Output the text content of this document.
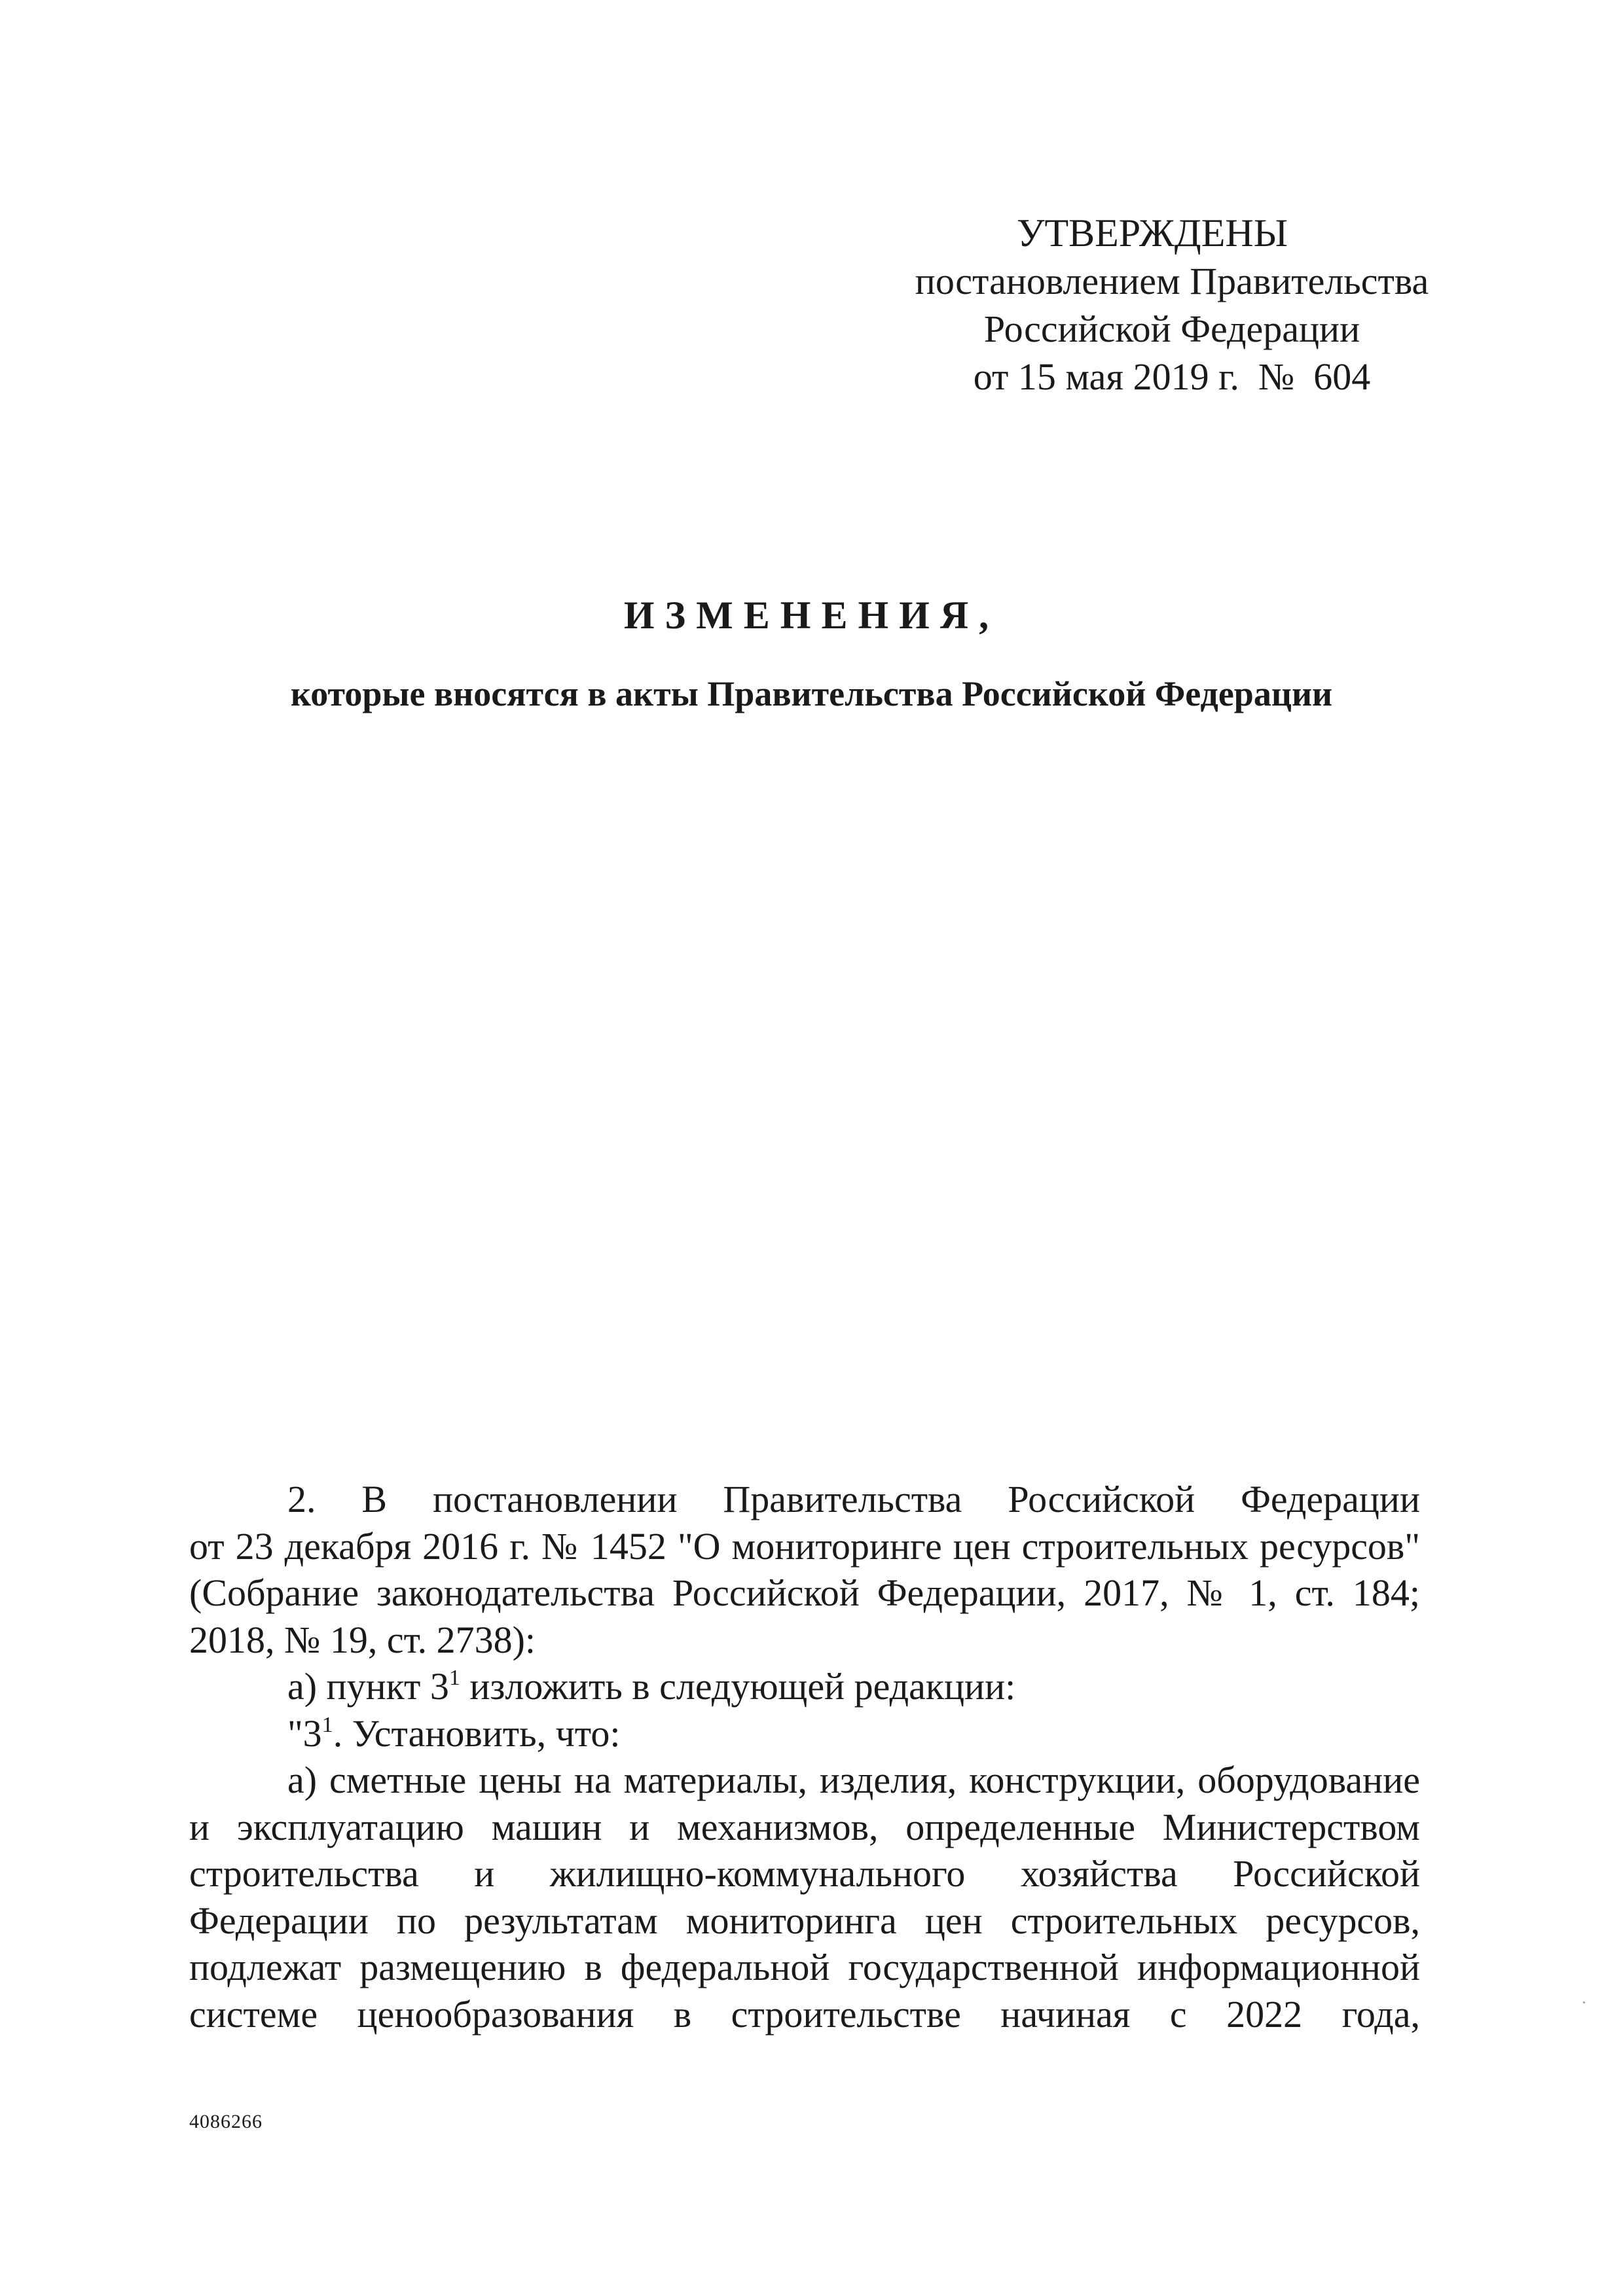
УТВЕРЖДЕНЫ
постановлением Правительства
Российской Федерации
от 15 мая 2019 г.  №  604
ИЗМЕНЕНИЯ,
которые вносятся в акты Правительства Российской Федерации

2. В постановлении Правительства Российской Федерации

от 23 декабря 2016 г. № 1452 "О мониторинге цен строительных ресурсов" (Собрание законодательства Российской Федерации, 2017, № 1, ст. 184; 2018, № 19, ст. 2738):

а) пункт $3^1$ изложить в следующей редакции:

"$3^1$. Установить, что:

а) сметные цены на материалы, изделия, конструкции, оборудование и эксплуатацию машин и механизмов, определенные Министерством строительства и жилищно-коммунального хозяйства Российской Федерации по результатам мониторинга цен строительных ресурсов, подлежат размещению в федеральной государственной информационной системе ценообразования в строительстве начиная с 2022 года,

4086266
